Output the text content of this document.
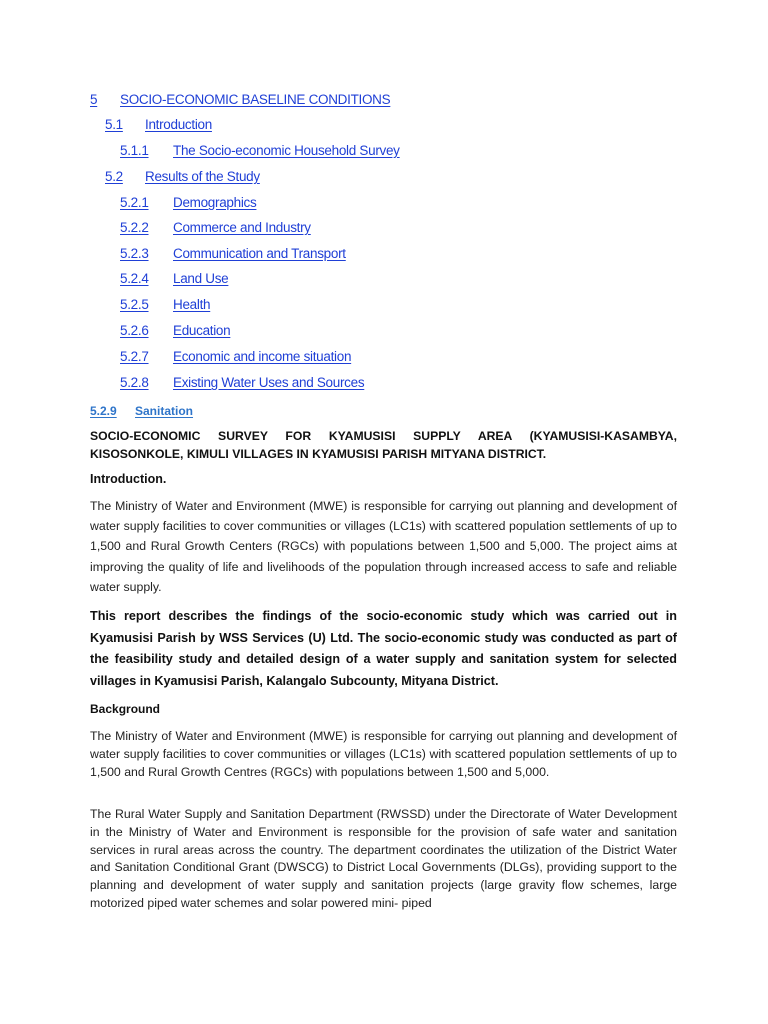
5 SOCIO-ECONOMIC BASELINE CONDITIONS
5.1 Introduction
5.1.1 The Socio-economic Household Survey
5.2 Results of the Study
5.2.1 Demographics
5.2.2 Commerce and Industry
5.2.3 Communication and Transport
5.2.4 Land Use
5.2.5 Health
5.2.6 Education
5.2.7 Economic and income situation
5.2.8 Existing Water Uses and Sources
5.2.9 Sanitation

SOCIO-ECONOMIC SURVEY FOR KYAMUSISI SUPPLY AREA (KYAMUSISI-KASAMBYA, KISOSONKOLE, KIMULI VILLAGES IN KYAMUSISI PARISH MITYANA DISTRICT.

Introduction.

The Ministry of Water and Environment (MWE) is responsible for carrying out planning and development of water supply facilities to cover communities or villages (LC1s) with scattered population settlements of up to 1,500 and Rural Growth Centers (RGCs) with populations between 1,500 and 5,000. The project aims at improving the quality of life and livelihoods of the population through increased access to safe and reliable water supply.

This report describes the findings of the socio-economic study which was carried out in Kyamusisi Parish by WSS Services (U) Ltd. The socio-economic study was conducted as part of the feasibility study and detailed design of a water supply and sanitation system for selected villages in Kyamusisi Parish, Kalangalo Subcounty, Mityana District.

Background

The Ministry of Water and Environment (MWE) is responsible for carrying out planning and development of water supply facilities to cover communities or villages (LC1s) with scattered population settlements of up to 1,500 and Rural Growth Centres (RGCs) with populations between 1,500 and 5,000.

The Rural Water Supply and Sanitation Department (RWSSD) under the Directorate of Water Development in the Ministry of Water and Environment is responsible for the provision of safe water and sanitation services in rural areas across the country. The department coordinates the utilization of the District Water and Sanitation Conditional Grant (DWSCG) to District Local Governments (DLGs), providing support to the planning and development of water supply and sanitation projects (large gravity flow schemes, large motorized piped water schemes and solar powered mini- piped
